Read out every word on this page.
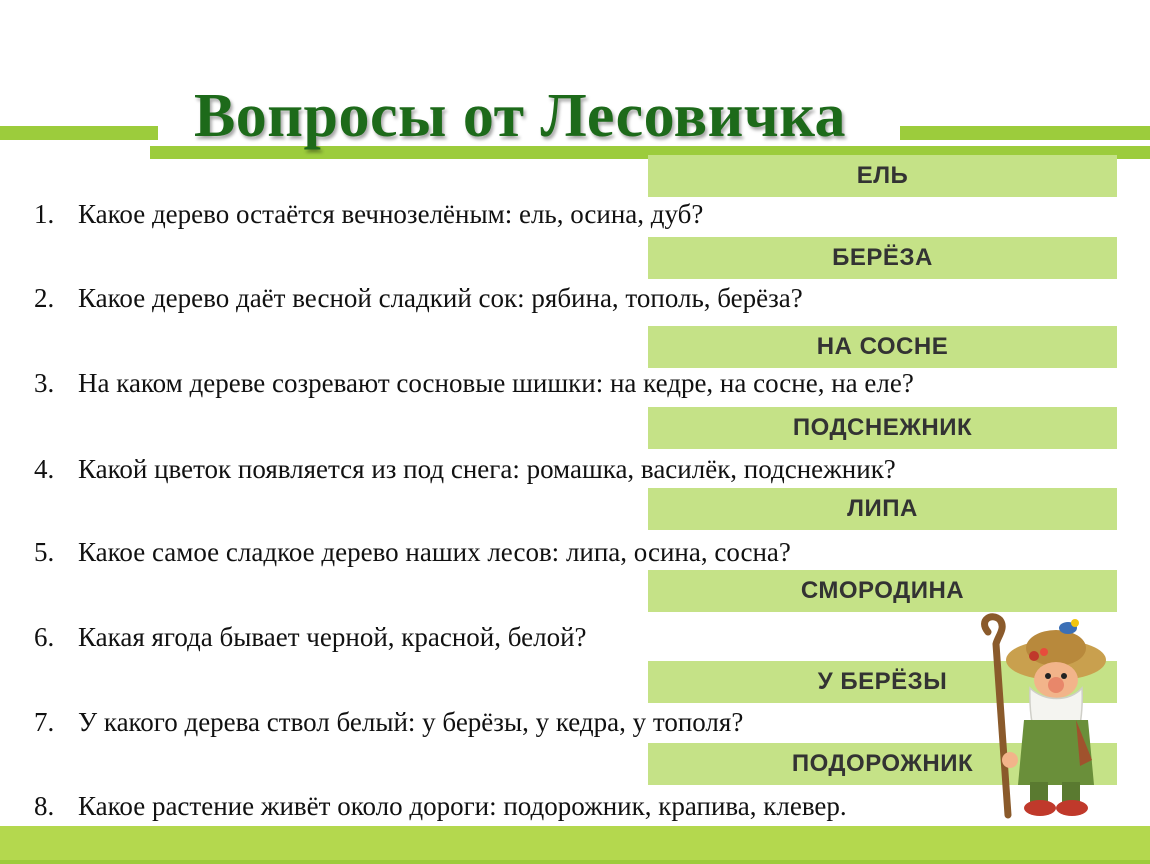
Вопросы от Лесовичка
ЕЛЬ
БЕРЁЗА
НА СОСНЕ
ПОДСНЕЖНИК
ЛИПА
СМОРОДИНА
У БЕРЁЗЫ
ПОДОРОЖНИК
1. Какое дерево остаётся вечнозелёным: ель, осина, дуб?
2. Какое дерево даёт весной сладкий сок: рябина, тополь, берёза?
3. На каком дереве созревают сосновые шишки: на кедре, на сосне, на еле?
4. Какой цветок появляется из под снега: ромашка, василёк, подснежник?
5. Какое самое сладкое дерево наших лесов: липа, осина, сосна?
6. Какая ягода бывает черной, красной, белой?
7. У какого дерева ствол белый: у берёзы, у кедра, у тополя?
8. Какое растение живёт около дороги: подорожник, крапива, клевер.
